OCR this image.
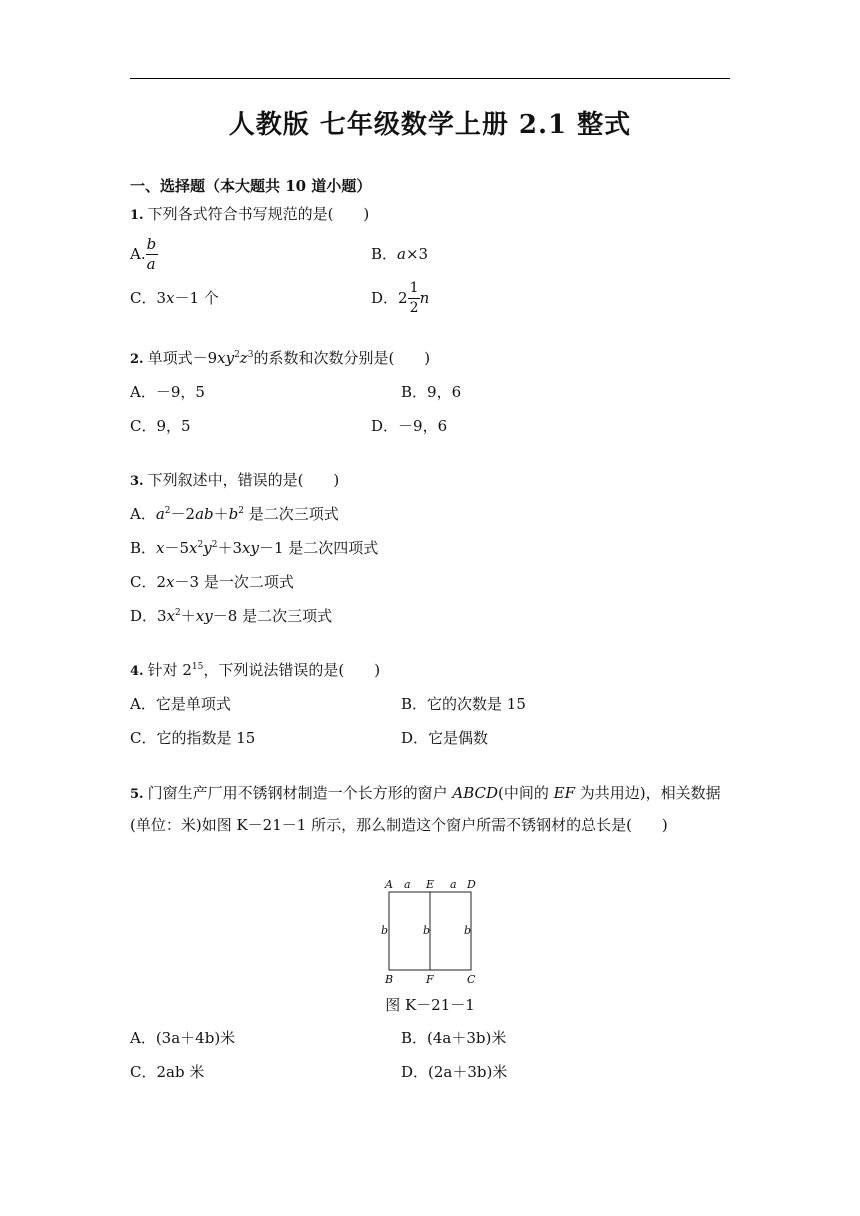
人教版 七年级数学上册 2.1 整式
一、选择题（本大题共 10 道小题）
1. 下列各式符合书写规范的是(　　)
A. $\frac{b}{a}$	B．a×3
C．3x－1 个	D．$2 \frac{1}{2}$ n
2. 单项式$-9xy^2z^3$的系数和次数分别是(　　)
A．－9，5	B．9，6
C．9，5	D．－9，6
3. 下列叙述中，错误的是(　　)
A．$a^2-2ab+b^2$ 是二次三项式
B．$x-5x^2y^2+3xy-1$ 是二次四项式
C．2x－3 是一次二项式
D．$3x^2+xy-8$ 是二次三项式
4. 针对 $2^{15}$，下列说法错误的是(　　)
A．它是单项式	B．它的次数是 15
C．它的指数是 15	D．它是偶数
5. 门窗生产厂用不锈钢材制造一个长方形的窗户 ABCD(中间的 EF 为共用边)，相关数据(单位：米)如图 K－21－1 所示，那么制造这个窗户所需不锈钢材的总长是(　　)
A a E a D
b	b	b
B	F	C
图 K－21－1
A．(3a＋4b)米	B．(4a＋3b)米
C．2ab 米	D．(2a＋3b)米
